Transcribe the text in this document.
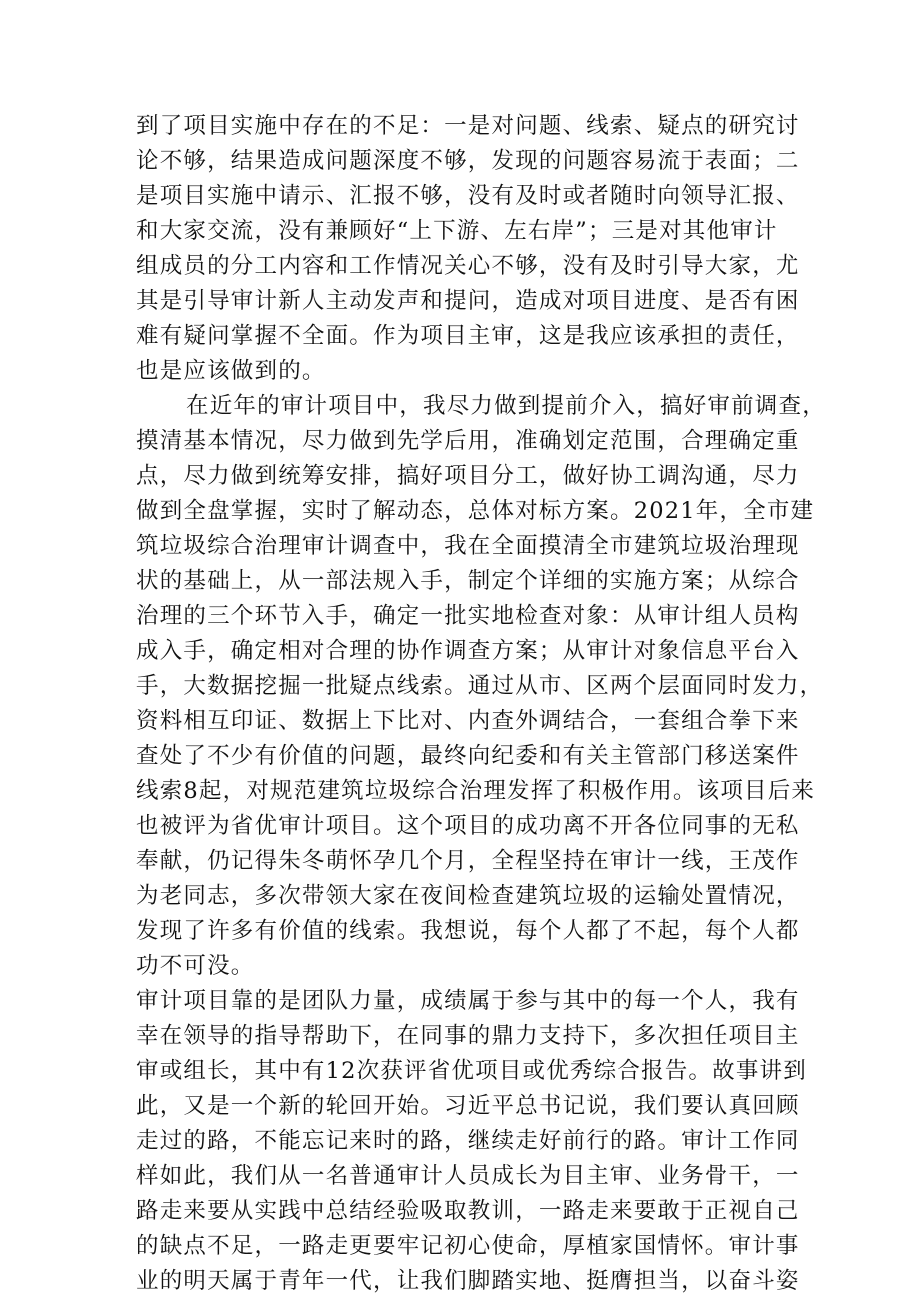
到了项目实施中存在的不足：一是对问题、线索、疑点的研究讨
论不够，结果造成问题深度不够，发现的问题容易流于表面；二
是项目实施中请示、汇报不够，没有及时或者随时向领导汇报、
和大家交流，没有兼顾好“上下游、左右岸”；三是对其他审计
组成员的分工内容和工作情况关心不够，没有及时引导大家，尤
其是引导审计新人主动发声和提问，造成对项目进度、是否有困
难有疑问掌握不全面。作为项目主审，这是我应该承担的责任，
也是应该做到的。
在近年的审计项目中，我尽力做到提前介入，搞好审前调查，
摸清基本情况，尽力做到先学后用，准确划定范围，合理确定重
点，尽力做到统筹安排，搞好项目分工，做好协工调沟通，尽力
做到全盘掌握，实时了解动态，总体对标方案。2021年，全市建
筑垃圾综合治理审计调查中，我在全面摸清全市建筑垃圾治理现
状的基础上，从一部法规入手，制定个详细的实施方案；从综合
治理的三个环节入手，确定一批实地检查对象：从审计组人员构
成入手，确定相对合理的协作调查方案；从审计对象信息平台入
手，大数据挖掘一批疑点线索。通过从市、区两个层面同时发力，
资料相互印证、数据上下比对、内查外调结合，一套组合拳下来
查处了不少有价值的问题，最终向纪委和有关主管部门移送案件
线索8起，对规范建筑垃圾综合治理发挥了积极作用。该项目后来
也被评为省优审计项目。这个项目的成功离不开各位同事的无私
奉献，仍记得朱冬萌怀孕几个月，全程坚持在审计一线，王茂作
为老同志，多次带领大家在夜间检查建筑垃圾的运输处置情况，
发现了许多有价值的线索。我想说，每个人都了不起，每个人都
功不可没。
审计项目靠的是团队力量，成绩属于参与其中的每一个人，我有
幸在领导的指导帮助下，在同事的鼎力支持下，多次担任项目主
审或组长，其中有12次获评省优项目或优秀综合报告。故事讲到
此，又是一个新的轮回开始。习近平总书记说，我们要认真回顾
走过的路，不能忘记来时的路，继续走好前行的路。审计工作同
样如此，我们从一名普通审计人员成长为目主审、业务骨干，一
路走来要从实践中总结经验吸取教训，一路走来要敢于正视自己
的缺点不足，一路走更要牢记初心使命，厚植家国情怀。审计事
业的明天属于青年一代，让我们脚踏实地、挺膺担当，以奋斗姿
